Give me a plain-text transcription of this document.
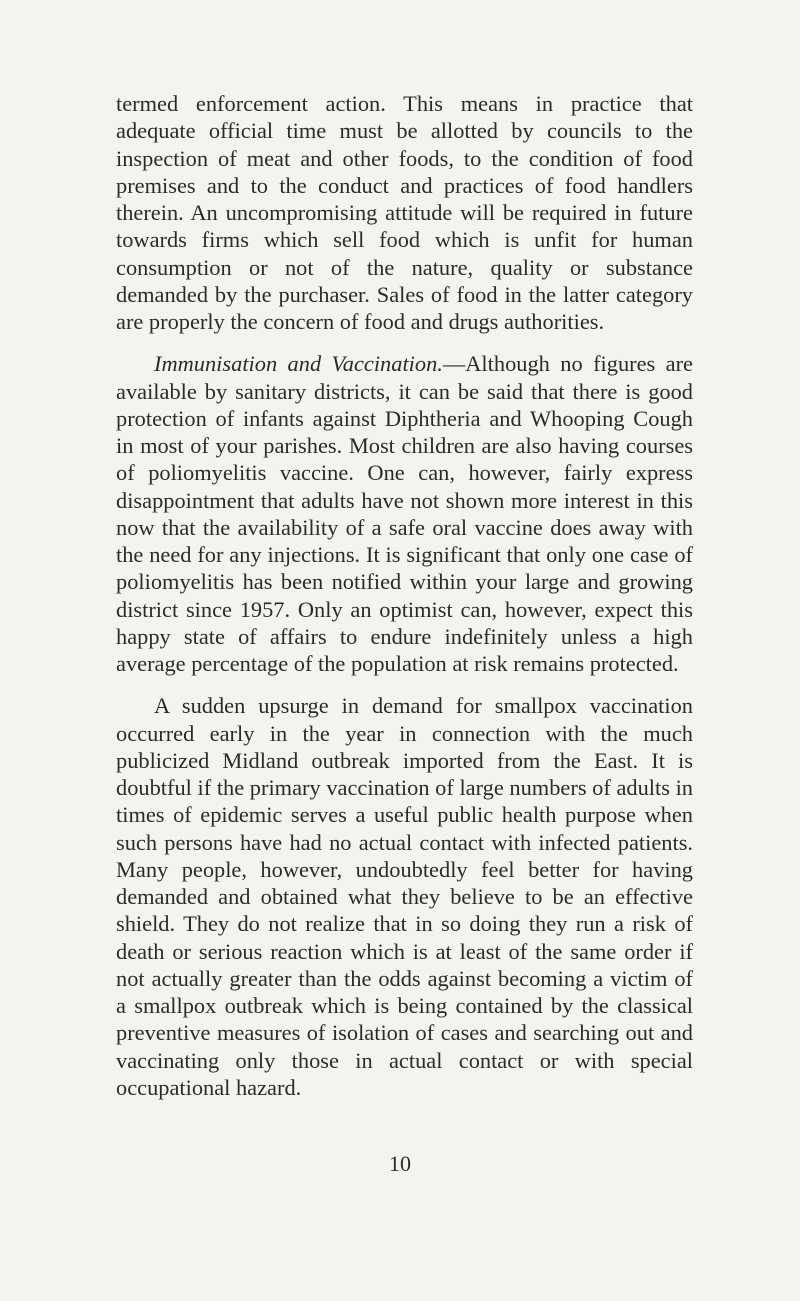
termed enforcement action. This means in practice that adequate official time must be allotted by councils to the inspection of meat and other foods, to the condition of food premises and to the conduct and practices of food handlers therein. An uncompromising attitude will be required in future towards firms which sell food which is unfit for human consumption or not of the nature, quality or substance demanded by the purchaser. Sales of food in the latter category are properly the concern of food and drugs authorities.

Immunisation and Vaccination.—Although no figures are available by sanitary districts, it can be said that there is good protection of infants against Diphtheria and Whooping Cough in most of your parishes. Most children are also having courses of poliomyelitis vaccine. One can, however, fairly express disappointment that adults have not shown more interest in this now that the availability of a safe oral vaccine does away with the need for any injections. It is significant that only one case of poliomyelitis has been notified within your large and growing district since 1957. Only an optimist can, however, expect this happy state of affairs to endure indefinitely unless a high average percentage of the population at risk remains protected.

A sudden upsurge in demand for smallpox vaccination occurred early in the year in connection with the much publicized Midland outbreak imported from the East. It is doubtful if the primary vaccination of large numbers of adults in times of epidemic serves a useful public health purpose when such persons have had no actual contact with infected patients. Many people, however, undoubtedly feel better for having demanded and obtained what they believe to be an effective shield. They do not realize that in so doing they run a risk of death or serious reaction which is at least of the same order if not actually greater than the odds against becoming a victim of a smallpox outbreak which is being contained by the classical preventive measures of isolation of cases and searching out and vaccinating only those in actual contact or with special occupational hazard.

10
